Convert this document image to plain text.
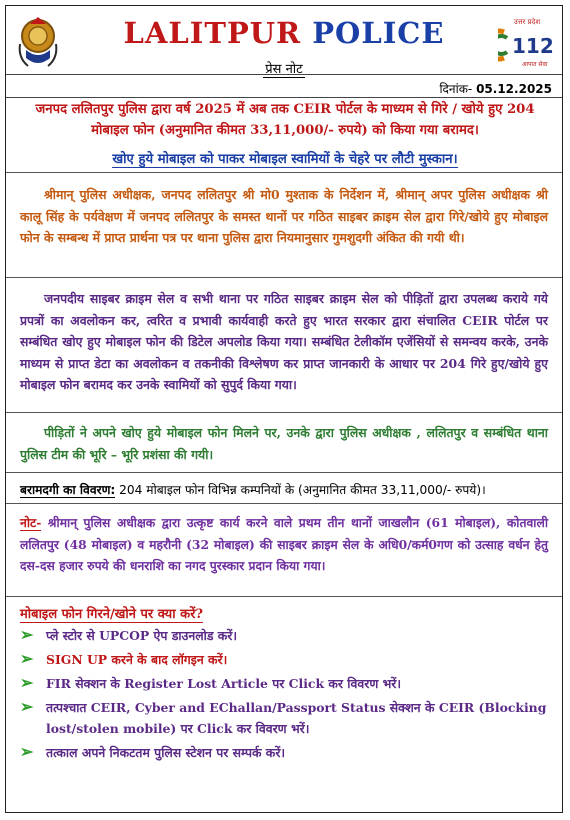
LALITPUR POLICE
प्रेस नोट
उत्तर प्रदेश
112
आपात सेवा
दिनांक- 05.12.2025
जनपद ललितपुर पुलिस द्वारा वर्ष 2025 में अब तक CEIR पोर्टल के माध्यम से गिरे / खोये हुए 204 मोबाइल फोन (अनुमानित कीमत 33,11,000/- रुपये) को किया गया बरामद।
खोए हुये मोबाइल को पाकर मोबाइल स्वामियों के चेहरे पर लौटी मुस्कान।

श्रीमान् पुलिस अधीक्षक, जनपद ललितपुर श्री मो0 मुश्ताक के निर्देशन में, श्रीमान् अपर पुलिस अधीक्षक श्री कालू सिंह के पर्यवेक्षण में जनपद ललितपुर के समस्त थानों पर गठित साइबर क्राइम सेल द्वारा गिरे/खोये हुए मोबाइल फोन के सम्बन्ध में प्राप्त प्रार्थना पत्र पर थाना पुलिस द्वारा नियमानुसार गुमशुदगी अंकित की गयी थी।

जनपदीय साइबर क्राइम सेल व सभी थाना पर गठित साइबर क्राइम सेल को पीड़ितों द्वारा उपलब्ध कराये गये प्रपत्रों का अवलोकन कर, त्वरित व प्रभावी कार्यवाही करते हुए भारत सरकार द्वारा संचालित CEIR पोर्टल पर सम्बंधित खोए हुए मोबाइल फोन की डिटेल अपलोड किया गया। सम्बंधित टेलीकॉम एजेंसियों से समन्वय करके, उनके माध्यम से प्राप्त डेटा का अवलोकन व तकनीकी विश्लेषण कर प्राप्त जानकारी के आधार पर 204 गिरे हुए/खोये हुए मोबाइल फोन बरामद कर उनके स्वामियों को सुपुर्द किया गया।

पीड़ितों ने अपने खोए हुये मोबाइल फोन मिलने पर, उनके द्वारा पुलिस अधीक्षक , ललितपुर व सम्बंधित थाना पुलिस टीम की भूरि – भूरि प्रशंसा की गयी।

बरामदगी का विवरण: 204 मोबाइल फोन विभिन्न कम्पनियों के (अनुमानित कीमत 33,11,000/- रुपये)।

नोट- श्रीमान् पुलिस अधीक्षक द्वारा उत्कृष्ट कार्य करने वाले प्रथम तीन थानों जाखलौन (61 मोबाइल), कोतवाली ललितपुर (48 मोबाइल) व महरौनी (32 मोबाइल) की साइबर क्राइम सेल के अधि0/कर्म0गण को उत्साह वर्धन हेतु दस-दस हजार रुपये की धनराशि का नगद पुरस्कार प्रदान किया गया।

मोबाइल फोन गिरने/खोने पर क्या करें?
➢ प्ले स्टोर से UPCOP ऐप डाउनलोड करें।
➢ SIGN UP करने के बाद लॉगइन करें।
➢ FIR सेक्शन के Register Lost Article पर Click कर विवरण भरें।
➢ तत्पश्चात CEIR, Cyber and EChallan/Passport Status सेक्शन के CEIR (Blocking lost/stolen mobile) पर Click कर विवरण भरें।
➢ तत्काल अपने निकटतम पुलिस स्टेशन पर सम्पर्क करें।
